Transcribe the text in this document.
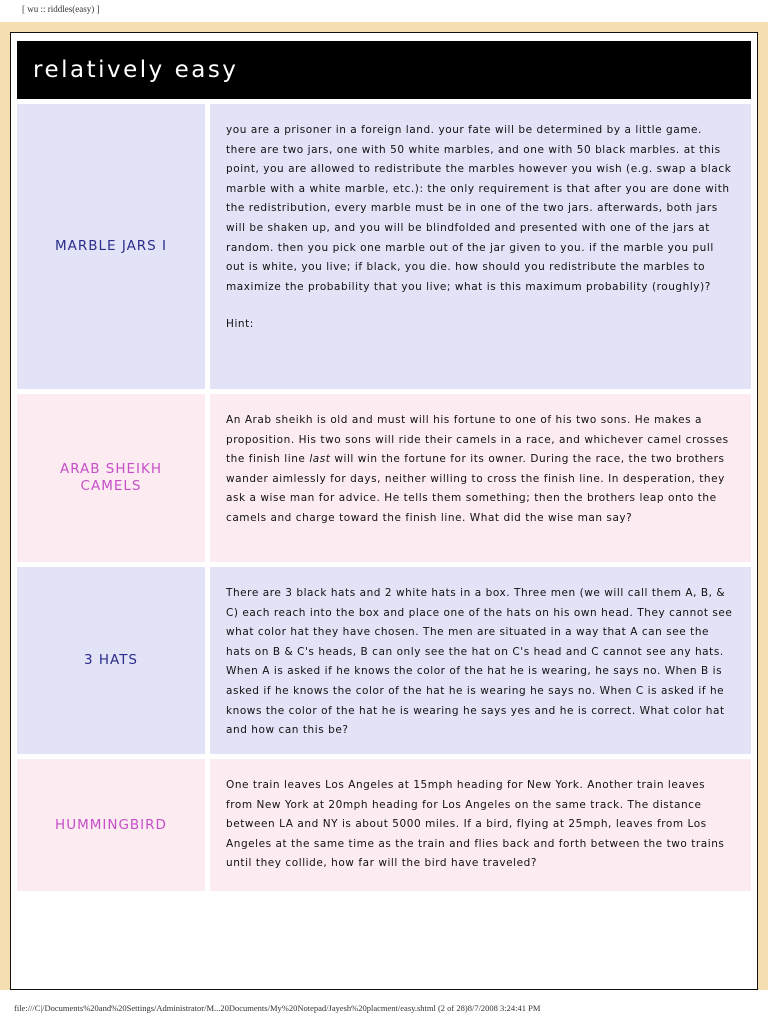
[ wu :: riddles(easy) ]
relatively easy
MARBLE JARS I
you are a prisoner in a foreign land. your fate will be determined by a little game. there are two jars, one with 50 white marbles, and one with 50 black marbles. at this point, you are allowed to redistribute the marbles however you wish (e.g. swap a black marble with a white marble, etc.): the only requirement is that after you are done with the redistribution, every marble must be in one of the two jars. afterwards, both jars will be shaken up, and you will be blindfolded and presented with one of the jars at random. then you pick one marble out of the jar given to you. if the marble you pull out is white, you live; if black, you die. how should you redistribute the marbles to maximize the probability that you live; what is this maximum probability (roughly)?
Hint:
ARAB SHEIKH CAMELS
An Arab sheikh is old and must will his fortune to one of his two sons. He makes a proposition. His two sons will ride their camels in a race, and whichever camel crosses the finish line last will win the fortune for its owner. During the race, the two brothers wander aimlessly for days, neither willing to cross the finish line. In desperation, they ask a wise man for advice. He tells them something; then the brothers leap onto the camels and charge toward the finish line. What did the wise man say?
3 HATS
There are 3 black hats and 2 white hats in a box. Three men (we will call them A, B, & C) each reach into the box and place one of the hats on his own head. They cannot see what color hat they have chosen. The men are situated in a way that A can see the hats on B & C's heads, B can only see the hat on C's head and C cannot see any hats. When A is asked if he knows the color of the hat he is wearing, he says no. When B is asked if he knows the color of the hat he is wearing he says no. When C is asked if he knows the color of the hat he is wearing he says yes and he is correct. What color hat and how can this be?
HUMMINGBIRD
One train leaves Los Angeles at 15mph heading for New York. Another train leaves from New York at 20mph heading for Los Angeles on the same track. The distance between LA and NY is about 5000 miles. If a bird, flying at 25mph, leaves from Los Angeles at the same time as the train and flies back and forth between the two trains until they collide, how far will the bird have traveled?
file:///C|/Documents%20and%20Settings/Administrator/M...20Documents/My%20Notepad/Jayesh%20placment/easy.shtml (2 of 28)8/7/2008 3:24:41 PM
